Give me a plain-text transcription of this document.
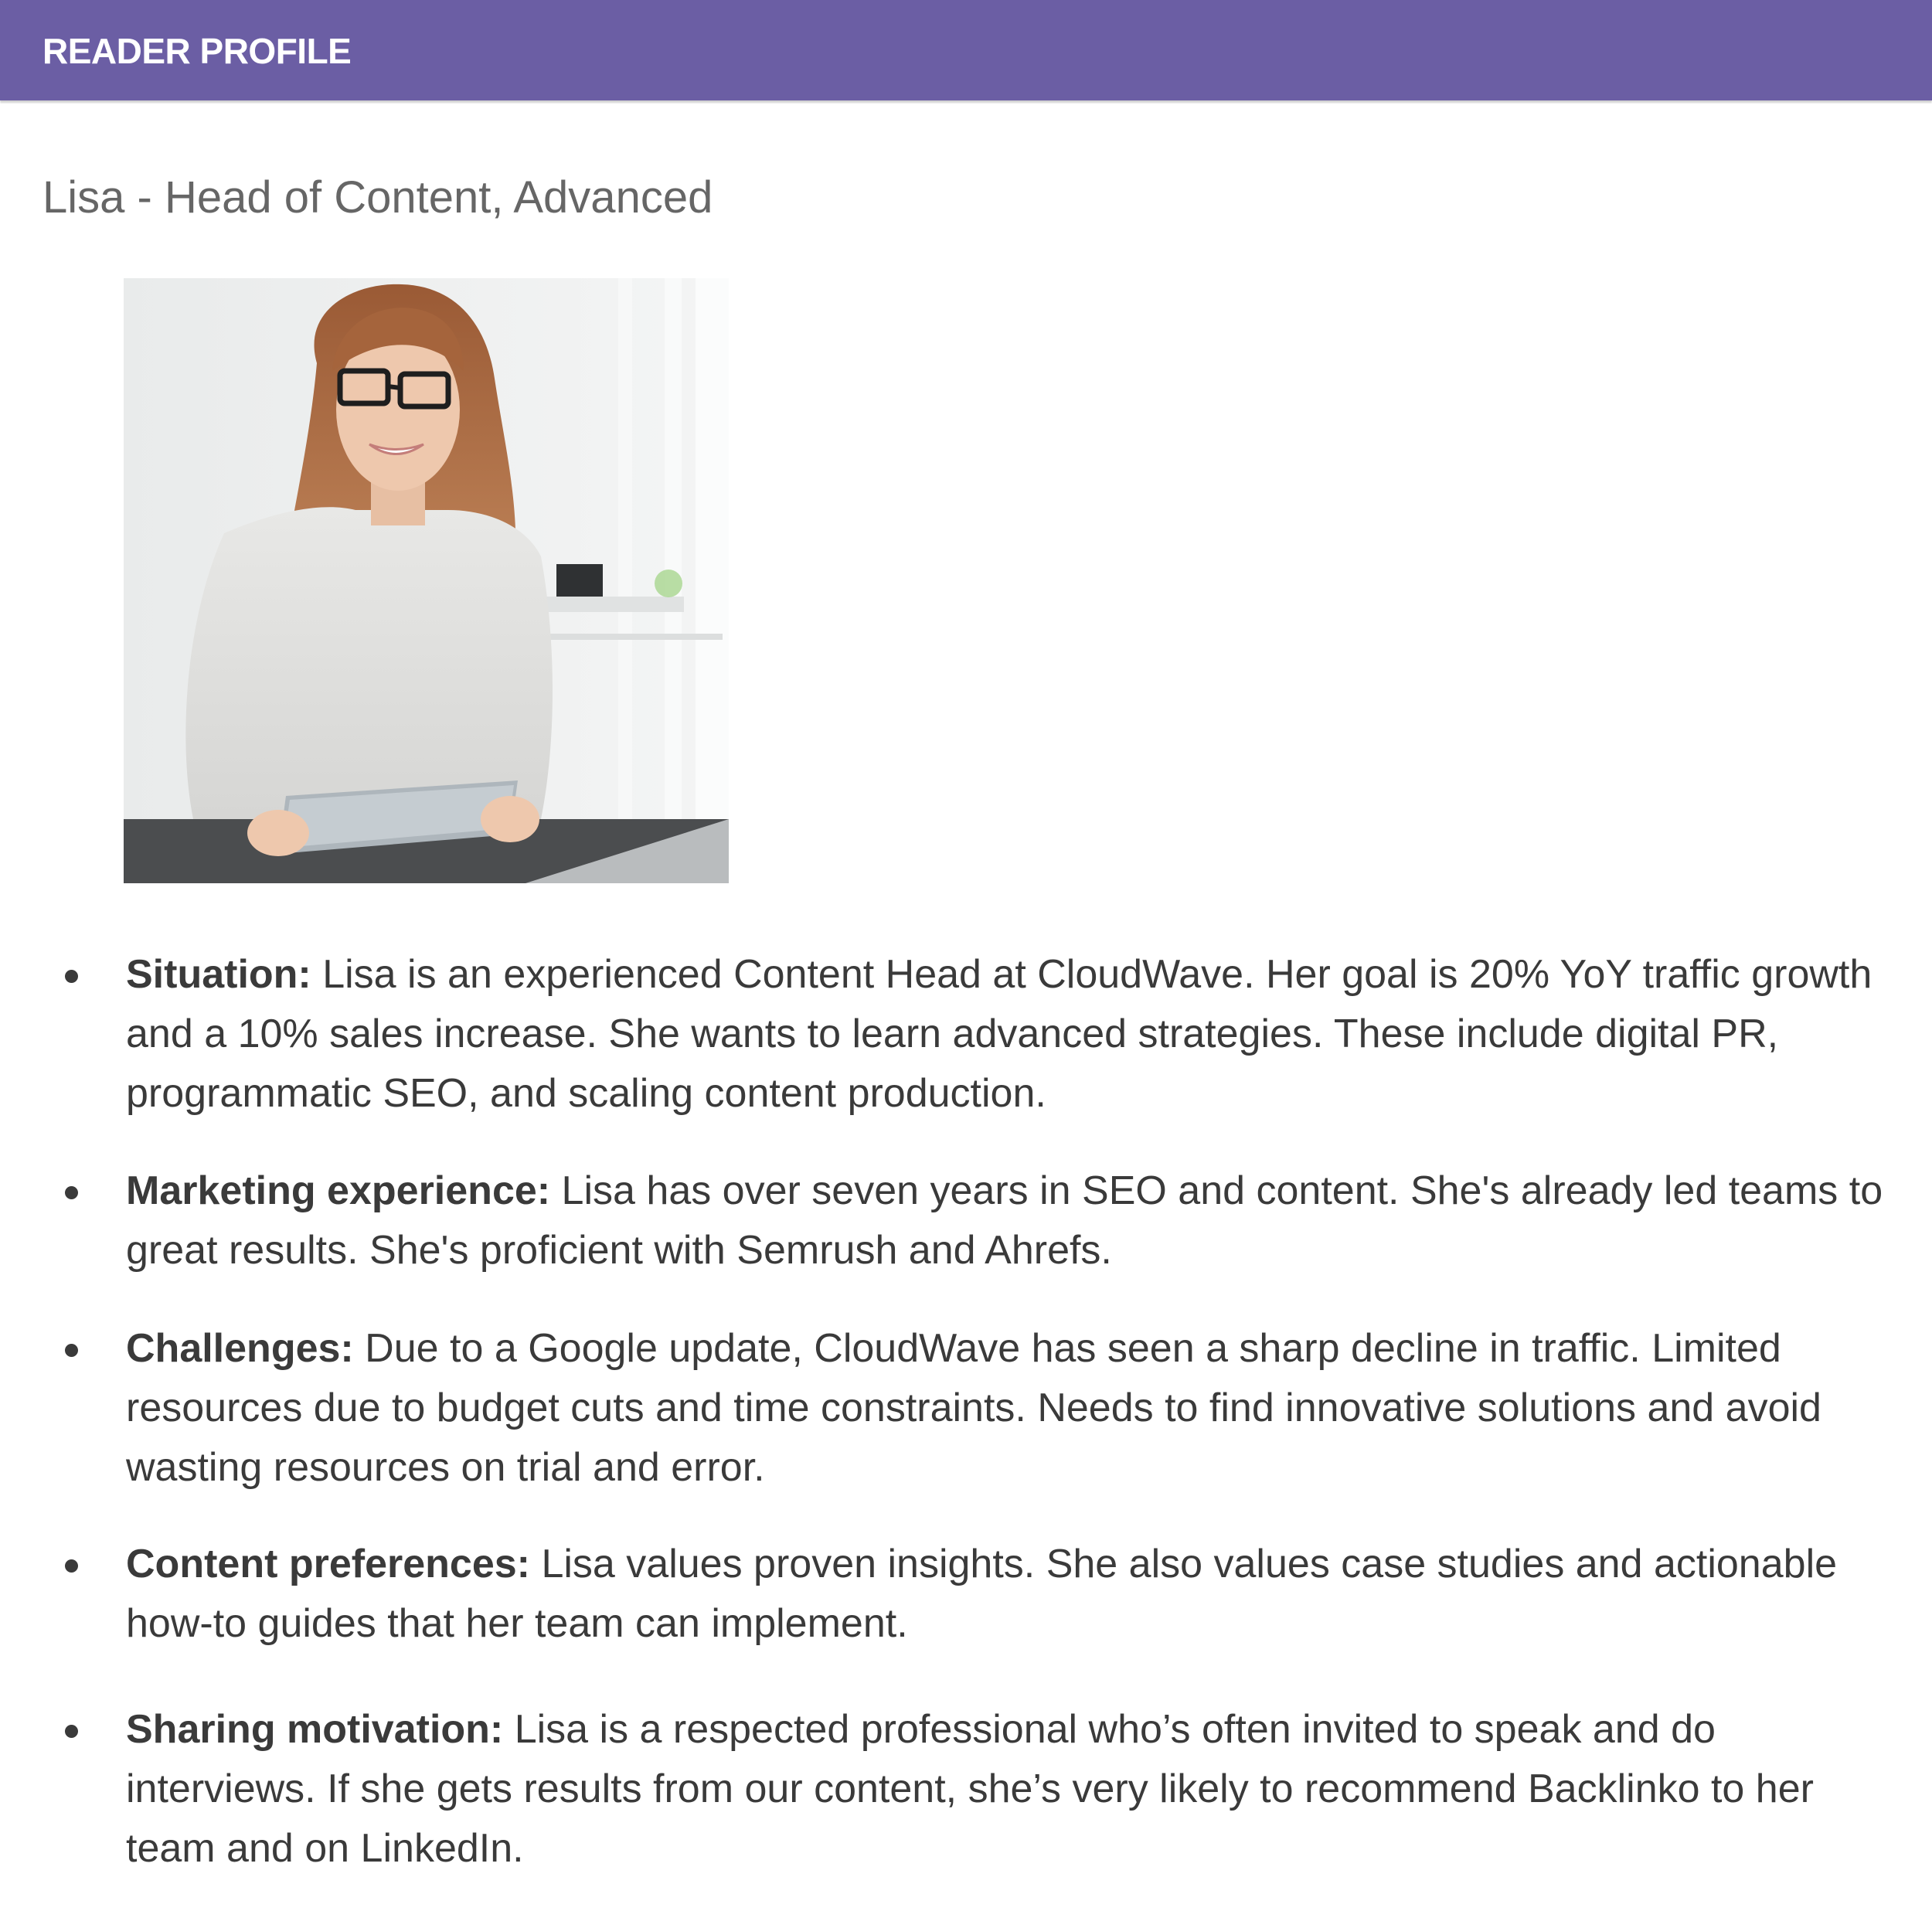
READER PROFILE
Lisa - Head of Content, Advanced
Situation: Lisa is an experienced Content Head at CloudWave. Her goal is 20% YoY traffic growth and a 10% sales increase. She wants to learn advanced strategies. These include digital PR, programmatic SEO, and scaling content production.
Marketing experience: Lisa has over seven years in SEO and content. She's already led teams to great results. She's proficient with Semrush and Ahrefs.
Challenges: Due to a Google update, CloudWave has seen a sharp decline in traffic. Limited resources due to budget cuts and time constraints. Needs to find innovative solutions and avoid wasting resources on trial and error.
Content preferences: Lisa values proven insights. She also values case studies and actionable how-to guides that her team can implement.
Sharing motivation: Lisa is a respected professional who’s often invited to speak and do interviews. If she gets results from our content, she’s very likely to recommend Backlinko to her team and on LinkedIn.
